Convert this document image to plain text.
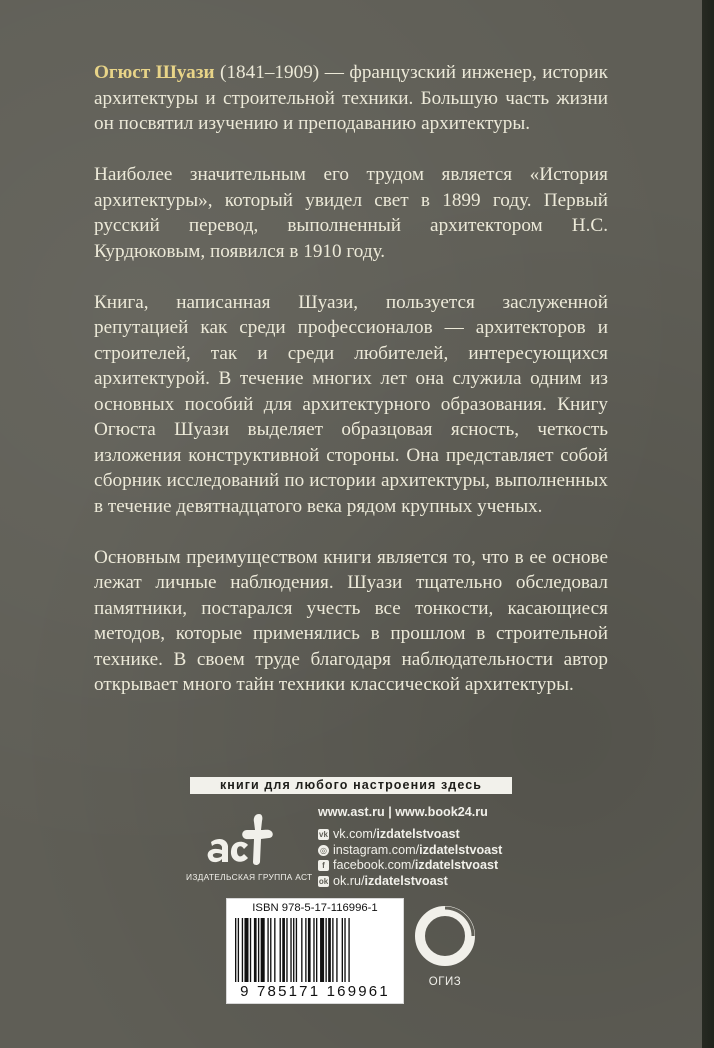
Огюст Шуази (1841–1909) — французский инженер, историк архитектуры и строительной техники. Большую часть жизни он посвятил изучению и преподаванию архитектуры.

Наиболее значительным его трудом является «История архитектуры», который увидел свет в 1899 году. Первый русский перевод, выполненный архитектором Н.С. Курдюковым, появился в 1910 году.

Книга, написанная Шуази, пользуется заслуженной репутацией как среди профессионалов — архитекторов и строителей, так и среди любителей, интересующихся архитектурой. В течение многих лет она служила одним из основных пособий для архитектурного образования. Книгу Огюста Шуази выделяет образцовая ясность, четкость изложения конструктивной стороны. Она представляет собой сборник исследований по истории архитектуры, выполненных в течение девятнадцатого века рядом крупных ученых.

Основным преимуществом книги является то, что в ее основе лежат личные наблюдения. Шуази тщательно обследовал памятники, постарался учесть все тонкости, касающиеся методов, которые применялись в прошлом в строительной технике. В своем труде благодаря наблюдательности автор открывает много тайн техники классической архитектуры.

книги для любого настроения здесь
ИЗДАТЕЛЬСКАЯ ГРУППА АСТ
www.ast.ru | www.book24.ru
vk vk.com/ izdatelstvoast
◎ instagram.com/ izdatelstvoast
f facebook.com/ izdatelstvoast
ok ok.ru/ izdatelstvoast
ISBN 978-5-17-116996-1
9 785171 169961
ОГИЗ
